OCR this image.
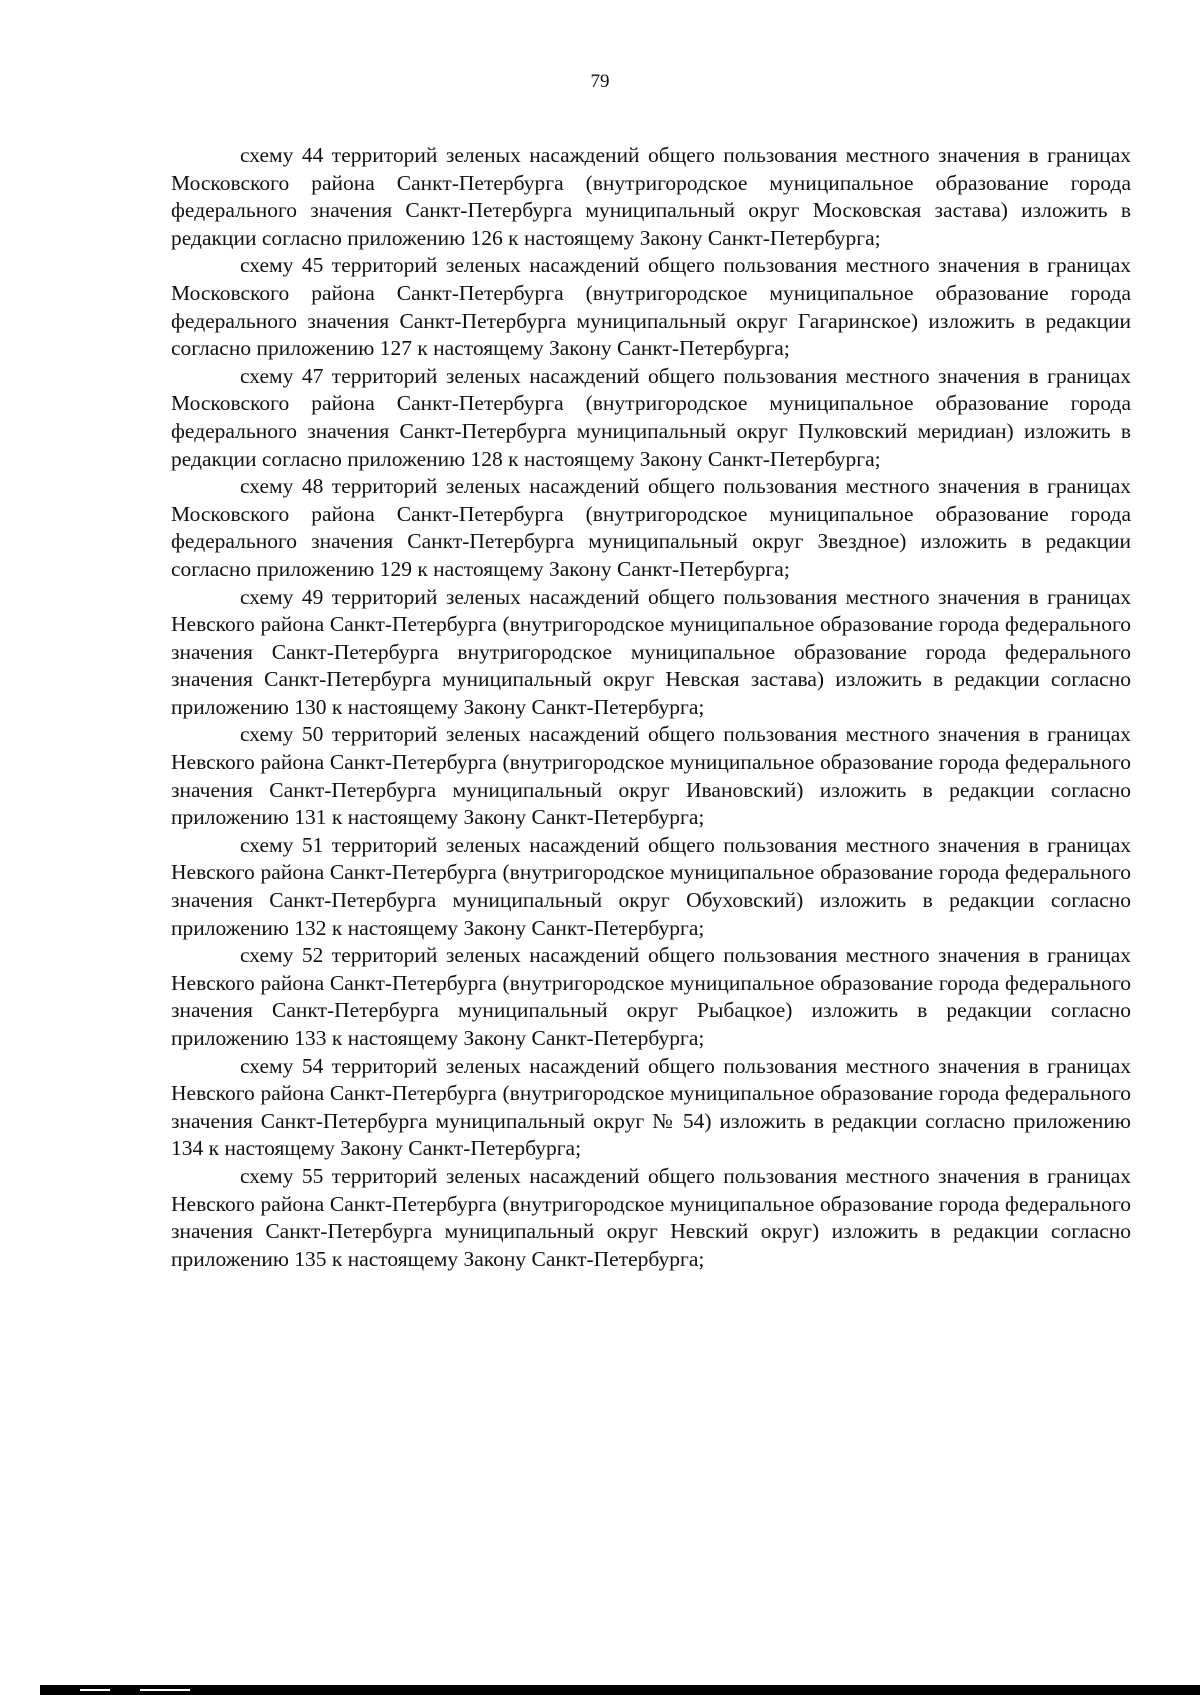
79

схему 44 территорий зеленых насаждений общего пользования местного значения в границах Московского района Санкт-Петербурга (внутригородское муниципальное образование города федерального значения Санкт-Петербурга муниципальный округ Московская застава) изложить в редакции согласно приложению 126 к настоящему Закону Санкт-Петербурга;

схему 45 территорий зеленых насаждений общего пользования местного значения в границах Московского района Санкт-Петербурга (внутригородское муниципальное образование города федерального значения Санкт-Петербурга муниципальный округ Гагаринское) изложить в редакции согласно приложению 127 к настоящему Закону Санкт-Петербурга;

схему 47 территорий зеленых насаждений общего пользования местного значения в границах Московского района Санкт-Петербурга (внутригородское муниципальное образование города федерального значения Санкт-Петербурга муниципальный округ Пулковский меридиан) изложить в редакции согласно приложению 128 к настоящему Закону Санкт-Петербурга;

схему 48 территорий зеленых насаждений общего пользования местного значения в границах Московского района Санкт-Петербурга (внутригородское муниципальное образование города федерального значения Санкт-Петербурга муниципальный округ Звездное) изложить в редакции согласно приложению 129 к настоящему Закону Санкт-Петербурга;

схему 49 территорий зеленых насаждений общего пользования местного значения в границах Невского района Санкт-Петербурга (внутригородское муниципальное образование города федерального значения Санкт-Петербурга внутригородское муниципальное образование города федерального значения Санкт-Петербурга муниципальный округ Невская застава) изложить в редакции согласно приложению 130 к настоящему Закону Санкт-Петербурга;

схему 50 территорий зеленых насаждений общего пользования местного значения в границах Невского района Санкт-Петербурга (внутригородское муниципальное образование города федерального значения Санкт-Петербурга муниципальный округ Ивановский) изложить в редакции согласно приложению 131 к настоящему Закону Санкт-Петербурга;

схему 51 территорий зеленых насаждений общего пользования местного значения в границах Невского района Санкт-Петербурга (внутригородское муниципальное образование города федерального значения Санкт-Петербурга муниципальный округ Обуховский) изложить в редакции согласно приложению 132 к настоящему Закону Санкт-Петербурга;

схему 52 территорий зеленых насаждений общего пользования местного значения в границах Невского района Санкт-Петербурга (внутригородское муниципальное образование города федерального значения Санкт-Петербурга муниципальный округ Рыбацкое) изложить в редакции согласно приложению 133 к настоящему Закону Санкт-Петербурга;

схему 54 территорий зеленых насаждений общего пользования местного значения в границах Невского района Санкт-Петербурга (внутригородское муниципальное образование города федерального значения Санкт-Петербурга муниципальный округ № 54) изложить в редакции согласно приложению 134 к настоящему Закону Санкт-Петербурга;

схему 55 территорий зеленых насаждений общего пользования местного значения в границах Невского района Санкт-Петербурга (внутригородское муниципальное образование города федерального значения Санкт-Петербурга муниципальный округ Невский округ) изложить в редакции согласно приложению 135 к настоящему Закону Санкт-Петербурга;
